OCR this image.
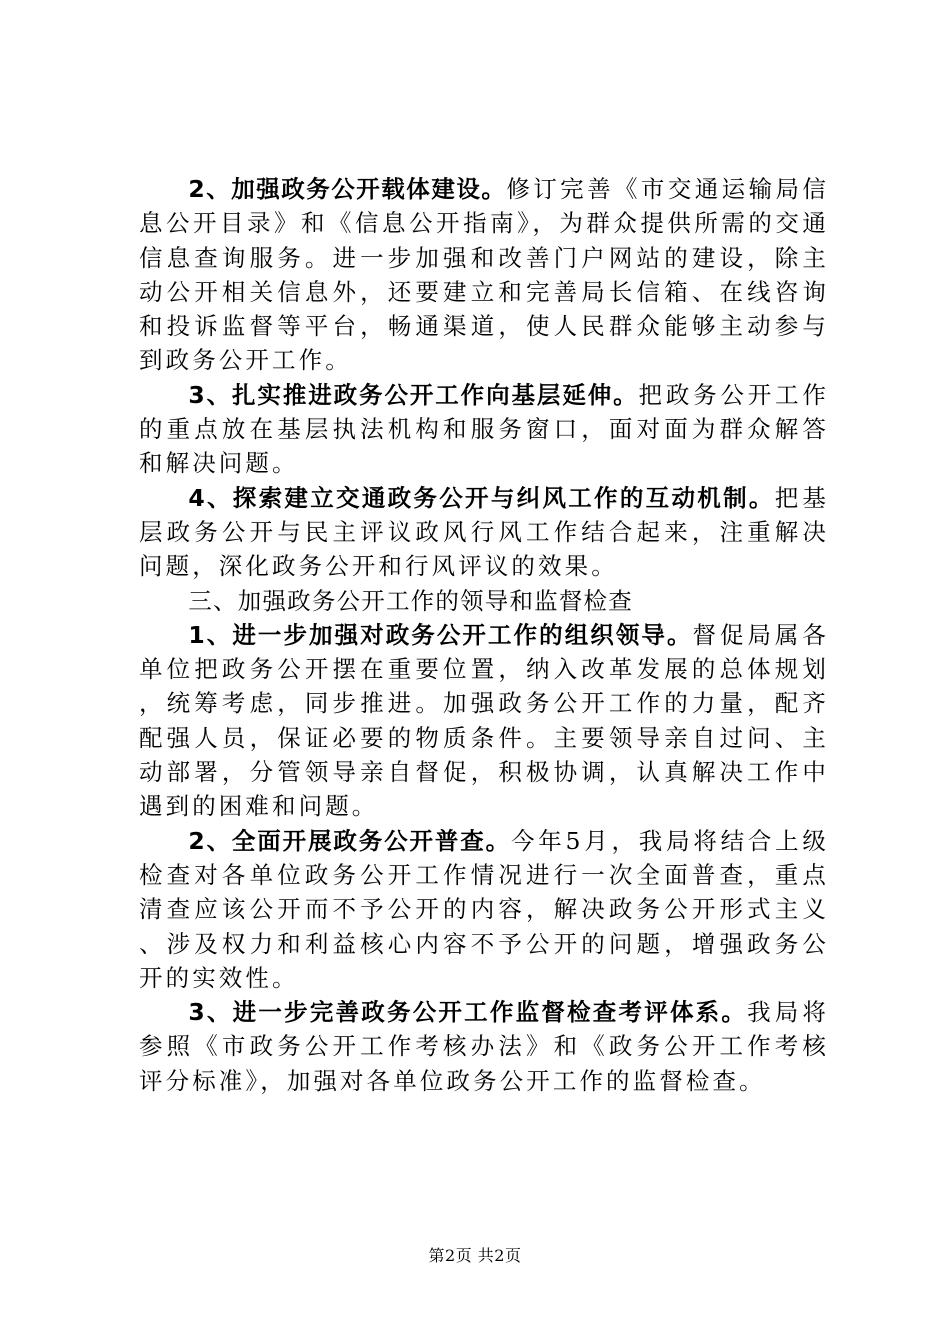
2、加强政务公开载体建设。修订完善《市交通运输局信息公开目录》和《信息公开指南》，为群众提供所需的交通信息查询服务。进一步加强和改善门户网站的建设，除主动公开相关信息外，还要建立和完善局长信箱、在线咨询和投诉监督等平台，畅通渠道，使人民群众能够主动参与到政务公开工作。

3、扎实推进政务公开工作向基层延伸。把政务公开工作的重点放在基层执法机构和服务窗口，面对面为群众解答和解决问题。

4、探索建立交通政务公开与纠风工作的互动机制。把基层政务公开与民主评议政风行风工作结合起来，注重解决问题，深化政务公开和行风评议的效果。

三、加强政务公开工作的领导和监督检查

1、进一步加强对政务公开工作的组织领导。督促局属各单位把政务公开摆在重要位置，纳入改革发展的总体规划，统筹考虑，同步推进。加强政务公开工作的力量，配齐配强人员，保证必要的物质条件。主要领导亲自过问、主动部署，分管领导亲自督促，积极协调，认真解决工作中遇到的困难和问题。

2、全面开展政务公开普查。今年5月，我局将结合上级检查对各单位政务公开工作情况进行一次全面普查，重点清查应该公开而不予公开的内容，解决政务公开形式主义、涉及权力和利益核心内容不予公开的问题，增强政务公开的实效性。

3、进一步完善政务公开工作监督检查考评体系。我局将参照《市政务公开工作考核办法》和《政务公开工作考核评分标准》，加强对各单位政务公开工作的监督检查。

第2页 共2页
